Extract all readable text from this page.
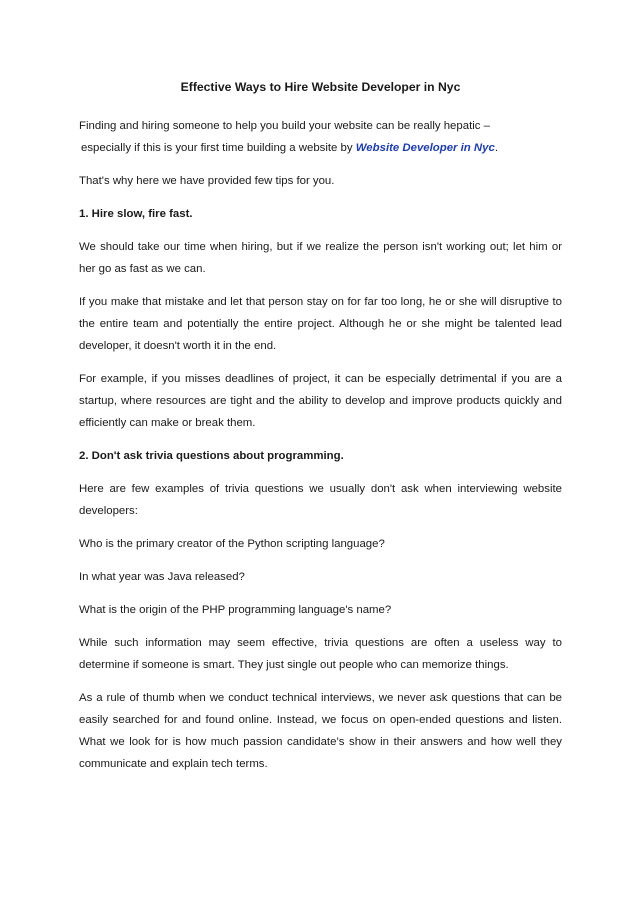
Effective Ways to Hire Website Developer in Nyc

Finding and hiring someone to help you build your website can be really hepatic –
especially if this is your first time building a website by Website Developer in Nyc.

That's why here we have provided few tips for you.

1. Hire slow, fire fast.

We should take our time when hiring, but if we realize the person isn't working out; let him or her go as fast as we can.

If you make that mistake and let that person stay on for far too long, he or she will disruptive to the entire team and potentially the entire project. Although he or she might be talented lead developer, it doesn't worth it in the end.

For example, if you misses deadlines of project, it can be especially detrimental if you are a startup, where resources are tight and the ability to develop and improve products quickly and efficiently can make or break them.

2. Don't ask trivia questions about programming.

Here are few examples of trivia questions we usually don't ask when interviewing website developers:

Who is the primary creator of the Python scripting language?

In what year was Java released?

What is the origin of the PHP programming language's name?

While such information may seem effective, trivia questions are often a useless way to determine if someone is smart. They just single out people who can memorize things.

As a rule of thumb when we conduct technical interviews, we never ask questions that can be easily searched for and found online. Instead, we focus on open-ended questions and listen. What we look for is how much passion candidate’s show in their answers and how well they communicate and explain tech terms.
